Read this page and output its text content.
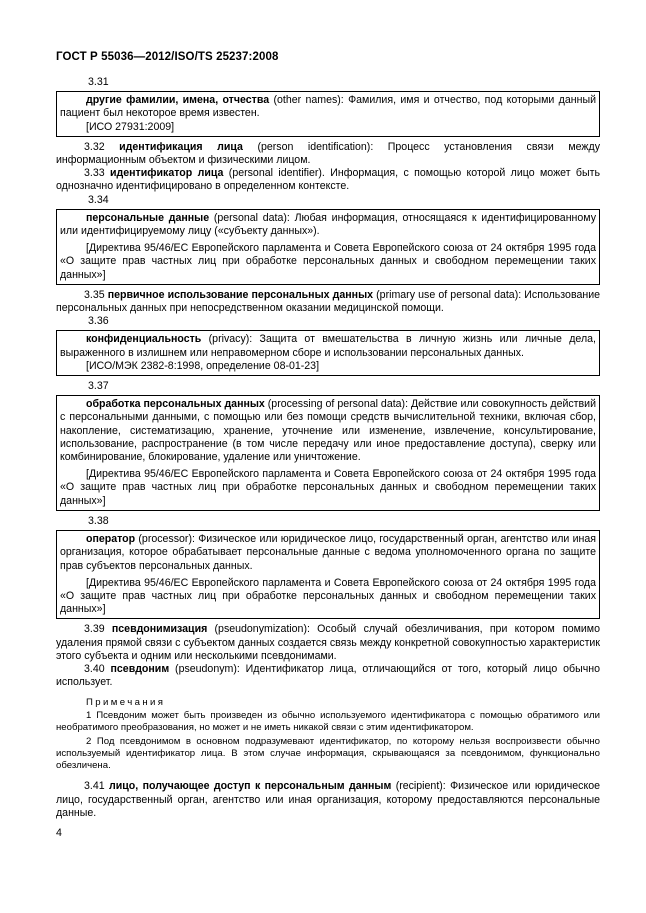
ГОСТ Р 55036—2012/ISO/TS 25237:2008

3.31

другие фамилии, имена, отчества (other names): Фамилия, имя и отчество, под которыми данный пациент был некоторое время известен.

[ИСО 27931:2009]

3.32 идентификация лица (person identification): Процесс установления связи между информационным объектом и физическими лицом.

3.33 идентификатор лица (personal identifier). Информация, с помощью которой лицо может быть однозначно идентифицировано в определенном контексте.

3.34

персональные данные (personal data): Любая информация, относящаяся к идентифицированному или идентифицируемому лицу («субъекту данных»).

[Директива 95/46/ЕС Европейского парламента и Совета Европейского союза от 24 октября 1995 года «О защите прав частных лиц при обработке персональных данных и свободном перемещении таких данных»]

3.35 первичное использование персональных данных (primary use of personal data): Использование персональных данных при непосредственном оказании медицинской помощи.

3.36

конфиденциальность (privacy): Защита от вмешательства в личную жизнь или личные дела, выраженного в излишнем или неправомерном сборе и использовании персональных данных.

[ИСО/МЭК 2382-8:1998, определение 08-01-23]

3.37

обработка персональных данных (processing of personal data): Действие или совокупность действий с персональными данными, с помощью или без помощи средств вычислительной техники, включая сбор, накопление, систематизацию, хранение, уточнение или изменение, извлечение, консультирование, использование, распространение (в том числе передачу или иное предоставление доступа), сверку или комбинирование, блокирование, удаление или уничтожение.

[Директива 95/46/ЕС Европейского парламента и Совета Европейского союза от 24 октября 1995 года «О защите прав частных лиц при обработке персональных данных и свободном перемещении таких данных»]

3.38

оператор (processor): Физическое или юридическое лицо, государственный орган, агентство или иная организация, которое обрабатывает персональные данные с ведома уполномоченного органа по защите прав субъектов персональных данных.

[Директива 95/46/ЕС Европейского парламента и Совета Европейского союза от 24 октября 1995 года «О защите прав частных лиц при обработке персональных данных и свободном перемещении таких данных»]

3.39 псевдонимизация (pseudonymization): Особый случай обезличивания, при котором помимо удаления прямой связи с субъектом данных создается связь между конкретной совокупностью характеристик этого субъекта и одним или несколькими псевдонимами.

3.40 псевдоним (pseudonym): Идентификатор лица, отличающийся от того, который лицо обычно использует.

Примечания

1 Псевдоним может быть произведен из обычно используемого идентификатора с помощью обратимого или необратимого преобразования, но может и не иметь никакой связи с этим идентификатором.

2 Под псевдонимом в основном подразумевают идентификатор, по которому нельзя воспроизвести обычно используемый идентификатор лица. В этом случае информация, скрывающаяся за псевдонимом, функционально обезличена.

3.41 лицо, получающее доступ к персональным данным (recipient): Физическое или юридическое лицо, государственный орган, агентство или иная организация, которому предоставляются персональные данные.

4
